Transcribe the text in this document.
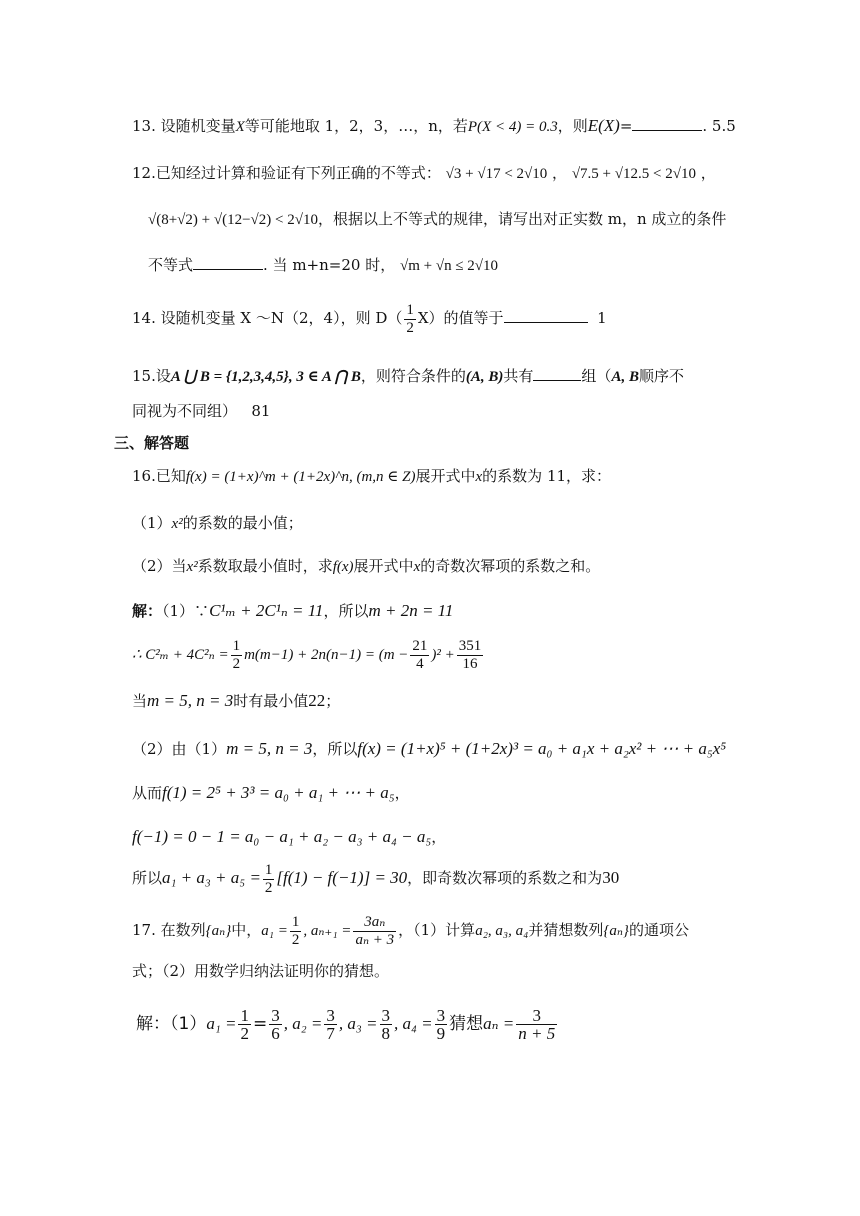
13. 设随机变量X等可能地取 1，2，3，…，n，若P(X < 4) = 0.3，则E(X)=	. 5.5
12.已知经过计算和验证有下列正确的不等式： √3 + √17 < 2√10 ， √7.5 + √12.5 < 2√10 ，
√(8+√2) + √(12−√2) < 2√10，根据以上不等式的规律，请写出对正实数 m，n 成立的条件
不等式	. 当 m+n=20 时， √m + √n ≤ 2√10
14. 设随机变量 X ～N（2，4），则 $D( \frac{1}{2} X)$的值等于	1
15.设A ⋃ B = {1,2,3,4,5}, 3 ∈ A ⋂ B，则符合条件的(A, B)共有	组（A, B顺序不
同视为不同组） 81
三、解答题
16.已知f(x) = (1+x)^m + (1+2x)^n, (m,n ∈ Z)展开式中x的系数为 11，求：
（1）x²的系数的最小值；
（2）当x²系数取最小值时，求f(x)展开式中x的奇数次幂项的系数之和。
解：（1）∵C¹ₘ + 2C¹ₙ = 11，所以m + 2n = 11
∴ $C^2_m + 4C^2_n = \frac{1}{2} m(m-1) + 2n(n-1) = (m - \frac{21}{4} )^2 + \frac{351}{16}$
当m = 5, n = 3时有最小值22；
（2）由（1）m = 5, n = 3，所以f(x) = (1+x)⁵ + (1+2x)³ = a₀ + a₁x + a₂x² + ⋯ + a₅x⁵
从而f(1) = 2⁵ + 3³ = a₀ + a₁ + ⋯ + a₅，
f(−1) = 0 − 1 = a₀ − a₁ + a₂ − a₃ + a₄ − a₅，
所以$a_1 + a_3 + a_5 = \frac{1}{2} [f(1) - f(-1)] = 30$，即奇数次幂项的系数之和为30
17. 在数列{aₙ}中，$a_1 = \frac{1}{2}$ , $a_{n+1} = \frac{\text{3aₙ}}{\text{aₙ + 3}}$ ，（1）计算a₂, a₃, a₄并猜想数列{aₙ}的通项公
式；（2）用数学归纳法证明你的猜想。
解：$(1)a_1 = \frac{1}{2} = \frac{3}{6}$ , $a_2 = \frac{3}{7}$ , $a_3 = \frac{3}{8}$ , $a_4 = \frac{3}{9}$ 猜想$a_n = \frac{3}{n + 5}$
